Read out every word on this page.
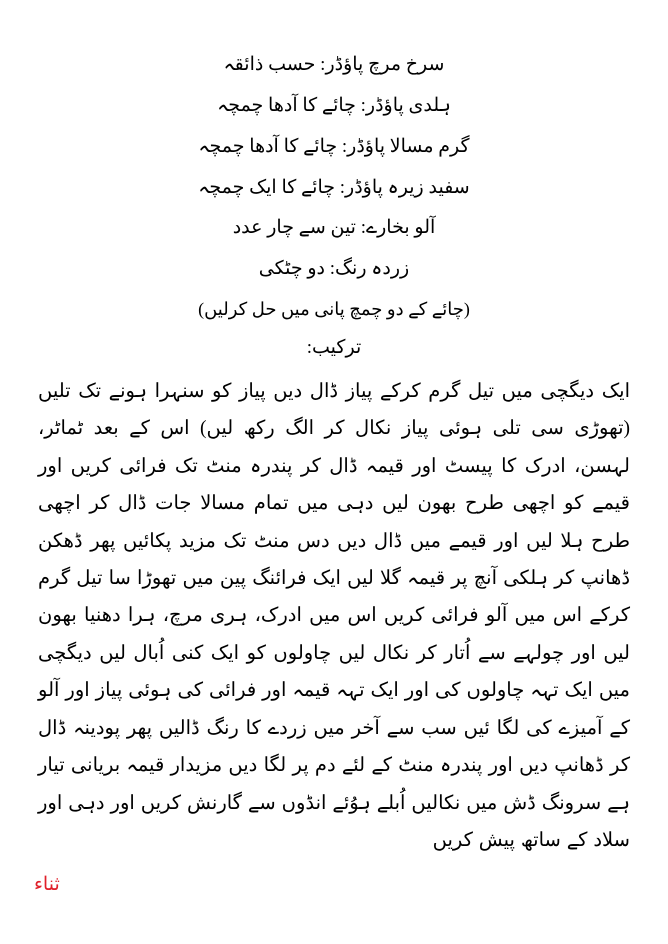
سرخ مرچ پاؤڈر: حسب ذائقہ

ہلدی پاؤڈر: چائے کا آدھا چمچہ

گرم مسالا پاؤڈر: چائے کا آدھا چمچہ

سفید زیرہ پاؤڈر: چائے کا ایک چمچہ

آلو بخارے: تین سے چار عدد

زردہ رنگ: دو چٹکی

(چائے کے دو چمچ پانی میں حل کرلیں)

ترکیب:

ایک دیگچی میں تیل گرم کرکے پیاز ڈال دیں پیاز کو سنہرا ہونے تک تلیں (تھوڑی سی تلی ہوئی پیاز نکال کر الگ رکھ لیں) اس کے بعد ٹماٹر، لہسن، ادرک کا پیسٹ اور قیمہ ڈال کر پندرہ منٹ تک فرائی کریں اور قیمے کو اچھی طرح بھون لیں دہی میں تمام مسالا جات ڈال کر اچھی طرح ہلا لیں اور قیمے میں ڈال دیں دس منٹ تک مزید پکائیں پھر ڈھکن ڈھانپ کر ہلکی آنچ پر قیمہ گلا لیں ایک فرائنگ پین میں تھوڑا سا تیل گرم کرکے اس میں آلو فرائی کریں اس میں ادرک، ہری مرچ، ہرا دھنیا بھون لیں اور چولہے سے اُتار کر نکال لیں چاولوں کو ایک کنی اُبال لیں دیگچی میں ایک تہہ چاولوں کی اور ایک تہہ قیمہ اور فرائی کی ہوئی پیاز اور آلو کے آمیزے کی لگا ئیں سب سے آخر میں زردے کا رنگ ڈالیں پھر پودینہ ڈال کر ڈھانپ دیں اور پندرہ منٹ کے لئے دم پر لگا دیں مزیدار قیمہ بریانی تیار ہے سرونگ ڈش میں نکالیں اُبلے ہوُئے انڈوں سے گارنش کریں اور دہی اور سلاد کے ساتھ پیش کریں

ثناء
